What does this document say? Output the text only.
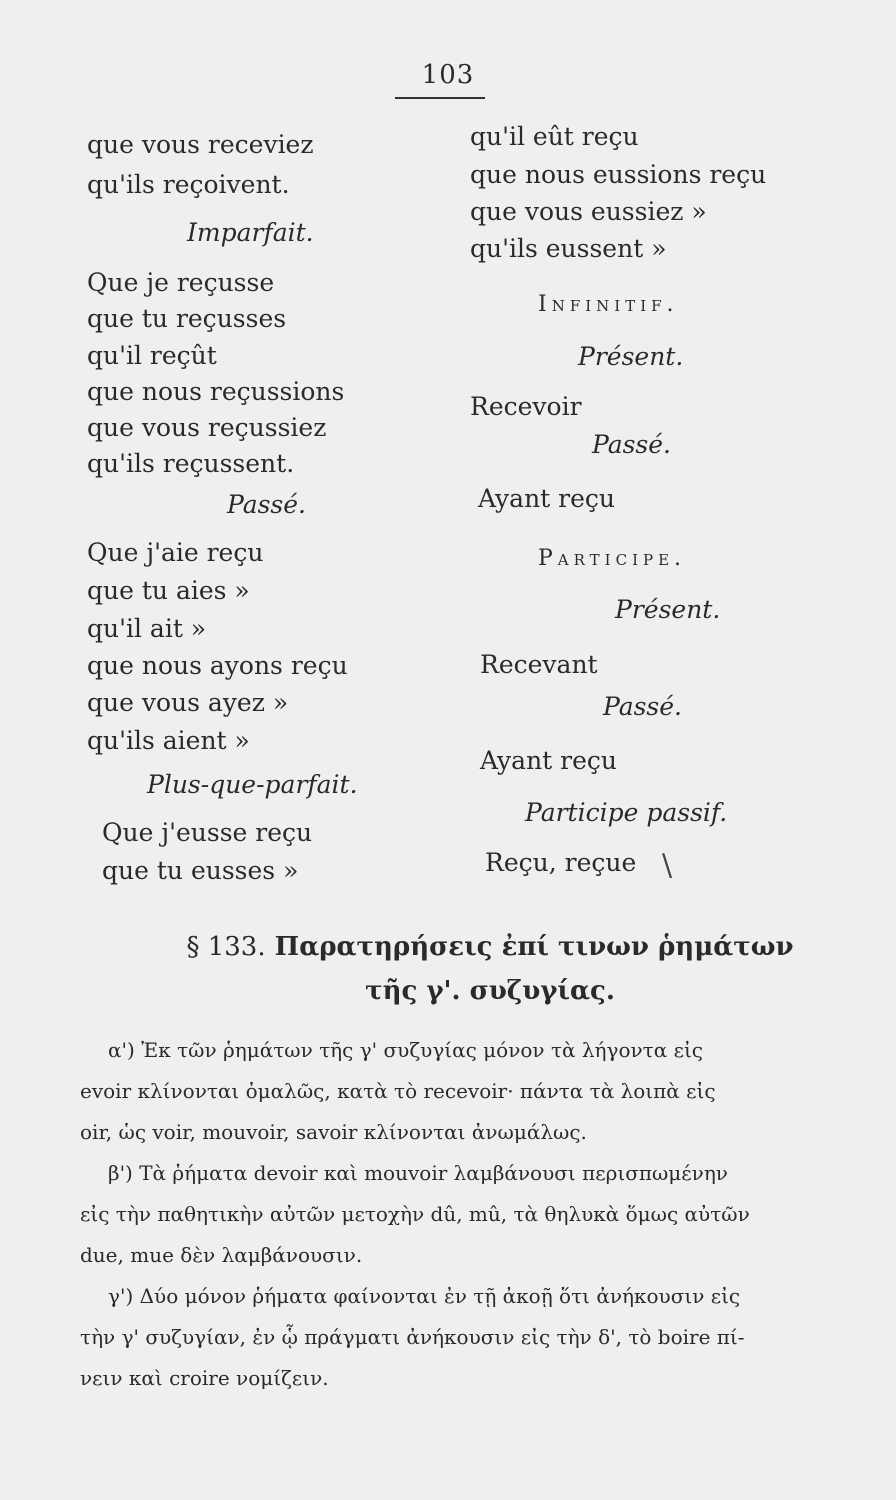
103
que vous receviez
qu'ils reçoivent.
Imparfait.
Que je reçusse
que tu reçusses
qu'il reçût
que nous reçussions
que vous reçussiez
qu'ils reçussent.
Passé.
Que j'aie reçu
que tu aies »
qu'il ait »
que nous ayons reçu
que vous ayez »
qu'ils aient »
Plus-que-parfait.
Que j'eusse reçu
que tu eusses »
qu'il eût reçu
que nous eussions reçu
que vous eussiez »
qu'ils eussent »
Infinitif.
Présent.
Recevoir
Passé.
Ayant reçu
Participe.
Présent.
Recevant
Passé.
Ayant reçu
Participe passif.
Reçu, reçue \
§ 133. Παρατηρήσεις ἐπί τινων ῥημάτων
τῆς γ'. συζυγίας.
α') Ἐκ τῶν ῥημάτων τῆς γ' συζυγίας μόνον τὰ λήγοντα εἰς
evoir κλίνονται ὁμαλῶς, κατὰ τὸ recevoir· πάντα τὰ λοιπὰ εἰς
oir, ὡς voir, mouvoir, savoir κλίνονται ἀνωμάλως.
β') Τὰ ῥήματα devoir καὶ mouvoir λαμβάνουσι περισπωμένην
εἰς τὴν παθητικὴν αὐτῶν μετοχὴν dû, mû, τὰ θηλυκὰ ὅμως αὐτῶν
due, mue δὲν λαμβάνουσιν.
γ') Δύο μόνον ῥήματα φαίνονται ἐν τῇ ἀκοῇ ὅτι ἀνήκουσιν εἰς
τὴν γ' συζυγίαν, ἐν ᾧ πράγματι ἀνήκουσιν εἰς τὴν δ', τὸ boire πί-
νειν καὶ croire νομίζειν.
